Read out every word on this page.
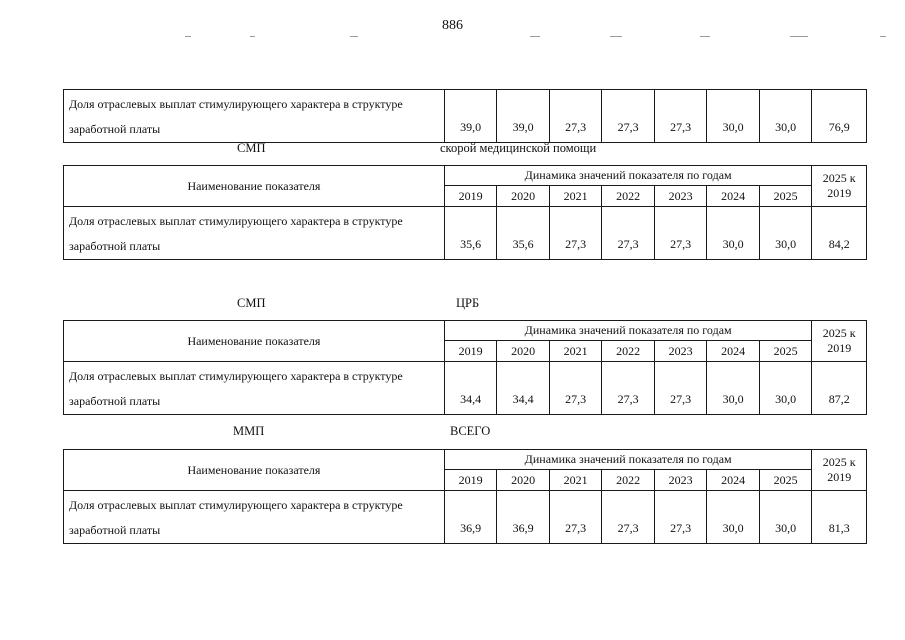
886
Доля отраслевых выплат стимулирующего характера в структуре заработной платы	39,0	39,0	27,3	27,3	27,3	30,0	30,0	76,9
СМП	скорой медицинской помощи
Наименование показателя	Динамика значений показателя по годам							2025 к 2019
	2019	2020	2021	2022	2023	2024	2025	
Доля отраслевых выплат стимулирующего характера в структуре заработной платы	35,6	35,6	27,3	27,3	27,3	30,0	30,0	84,2
СМП	ЦРБ
Наименование показателя	Динамика значений показателя по годам							2025 к 2019
	2019	2020	2021	2022	2023	2024	2025	
Доля отраслевых выплат стимулирующего характера в структуре заработной платы	34,4	34,4	27,3	27,3	27,3	30,0	30,0	87,2
ММП	ВСЕГО
Наименование показателя	Динамика значений показателя по годам							2025 к 2019
	2019	2020	2021	2022	2023	2024	2025	
Доля отраслевых выплат стимулирующего характера в структуре заработной платы	36,9	36,9	27,3	27,3	27,3	30,0	30,0	81,3
